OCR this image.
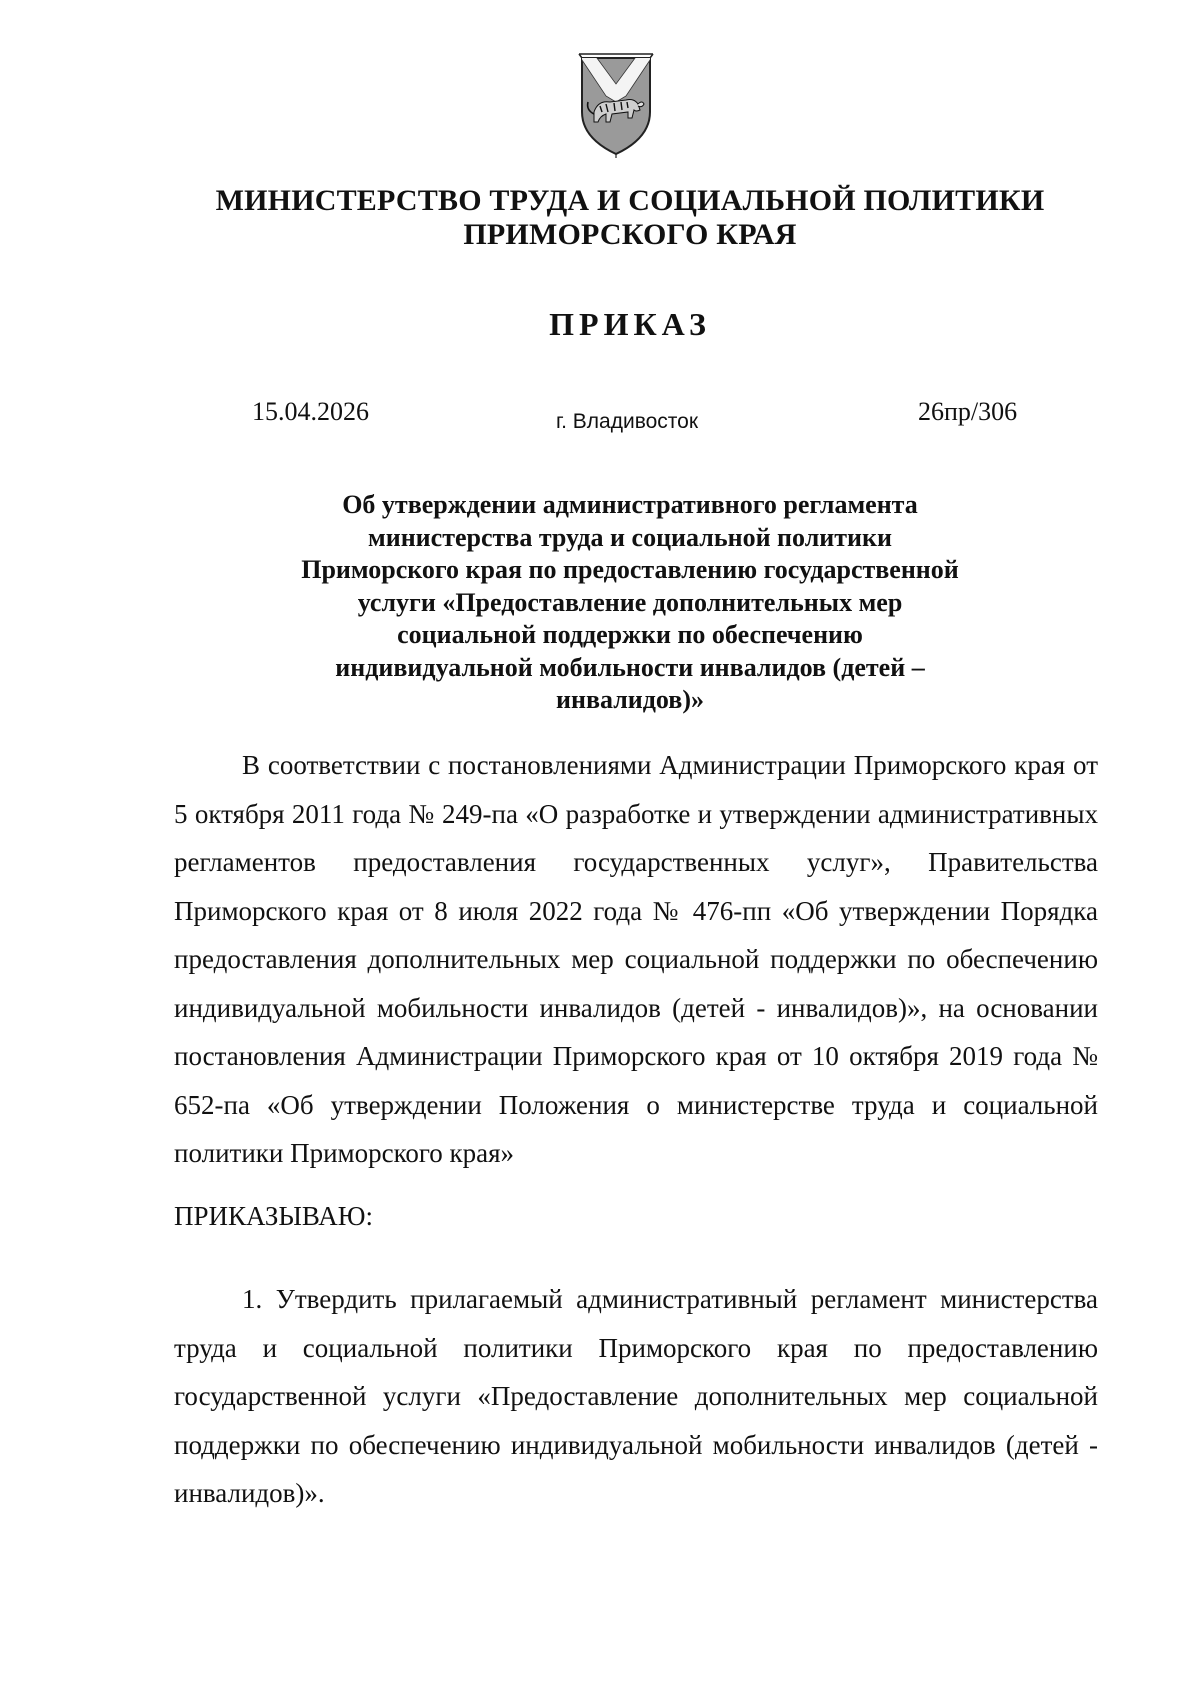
МИНИСТЕРСТВО ТРУДА И СОЦИАЛЬНОЙ ПОЛИТИКИ
ПРИМОРСКОГО КРАЯ
ПРИКАЗ
15.04.2026	г. Владивосток	26пр/306
Об утверждении административного регламента министерства труда и социальной политики Приморского края по предоставлению государственной услуги «Предоставление дополнительных мер социальной поддержки по обеспечению индивидуальной мобильности инвалидов (детей – инвалидов)»
В соответствии с постановлениями Администрации Приморского края от 5 октября 2011 года № 249-па «О разработке и утверждении административных регламентов предоставления государственных услуг», Правительства Приморского края от 8 июля 2022 года № 476-пп «Об утверждении Порядка предоставления дополнительных мер социальной поддержки по обеспечению индивидуальной мобильности инвалидов (детей - инвалидов)», на основании постановления Администрации Приморского края от 10 октября 2019 года № 652-па «Об утверждении Положения о министерстве труда и социальной политики Приморского края»
ПРИКАЗЫВАЮ:
1. Утвердить прилагаемый административный регламент министерства труда и социальной политики Приморского края по предоставлению государственной услуги «Предоставление дополнительных мер социальной поддержки по обеспечению индивидуальной мобильности инвалидов (детей - инвалидов)».
